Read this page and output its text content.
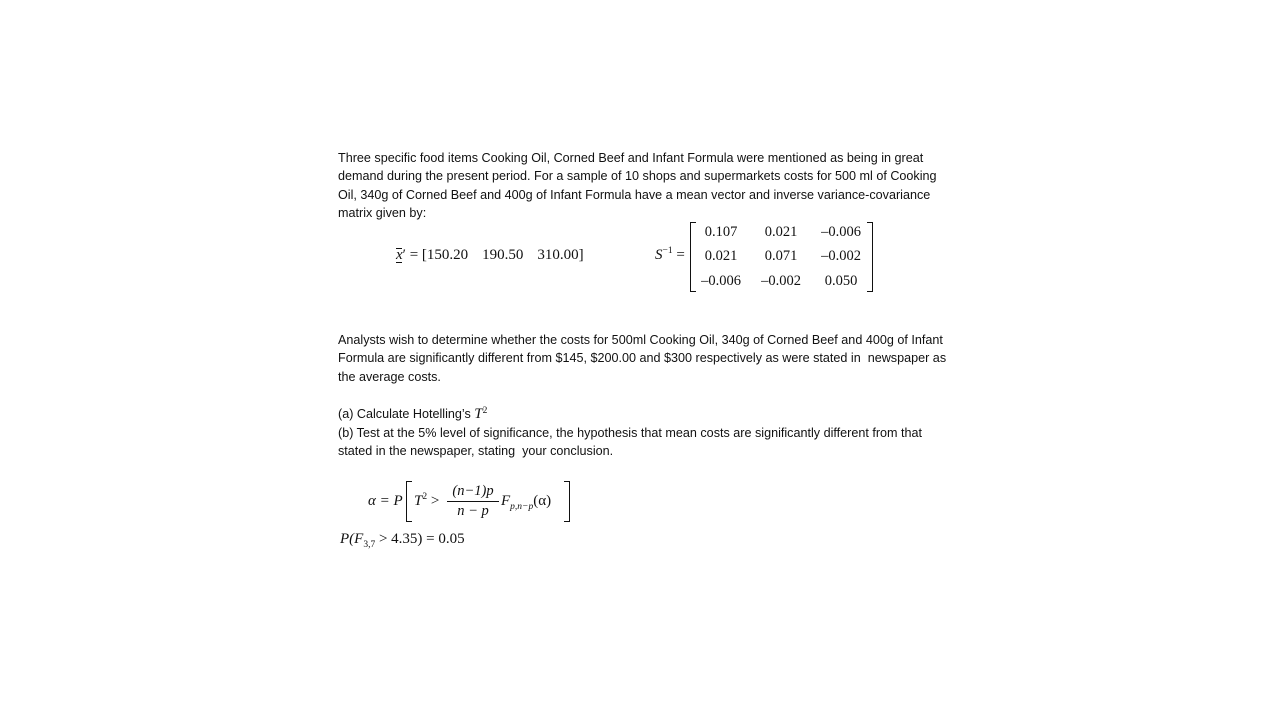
Three specific food items Cooking Oil, Corned Beef and Infant Formula were mentioned as being in great demand during the present period. For a sample of 10 shops and supermarkets costs for 500 ml of Cooking Oil, 340g of Corned Beef and 400g of Infant Formula have a mean vector and inverse variance-covariance matrix given by:

x′ = [150.20 190.50 310.00]	$S^{-1}$ =
0.107	0.021	–0.006
0.021	0.071	–0.002
–0.006	–0.002	0.050

Analysts wish to determine whether the costs for 500ml Cooking Oil, 340g of Corned Beef and 400g of Infant Formula are significantly different from $145, $200.00 and $300 respectively as were stated in  newspaper as the average costs.

(a) Calculate Hotelling’s $T^2$

(b) Test at the 5% level of significance, the hypothesis that mean costs are significantly different from that stated in the newspaper, stating  your conclusion.

α = P $T^2 > \frac{(n-1)p}{n - p} F_{p,n-p}(\alpha)$
$P(F_{3,7} > 4.35) = 0.05$
